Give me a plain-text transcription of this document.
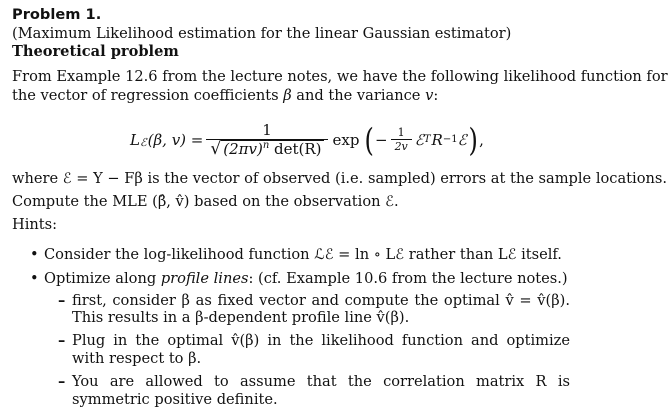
Problem 1.
(Maximum Likelihood estimation for the linear Gaussian estimator)
Theoretical problem
From Example 12.6 from the lecture notes, we have the following likelihood function for
the vector of regression coefficients β and the variance v:
$L_ℰ$ (β, $v) = \frac{1}{√ (2\pi v)^n \det(R)}$ exp ( − $\frac{1}{2v}$ ℰ T R −1 ℰ ) ,
where ℰ = Y − Fβ is the vector of observed (i.e. sampled) errors at the sample locations.
Compute the MLE (β̂, v̂) based on the observation ℰ.
Hints:
• Consider the log-likelihood function ℒℰ = ln ∘ Lℰ rather than Lℰ itself.
• Optimize along profile lines: (cf. Example 10.6 from the lecture notes.)
– first, consider β as fixed vector and compute the optimal v̂ = v̂(β). This results in a β-dependent profile line v̂(β).
– Plug in the optimal v̂(β) in the likelihood function and optimize with respect to β.
– You are allowed to assume that the correlation matrix R is symmetric positive definite.
